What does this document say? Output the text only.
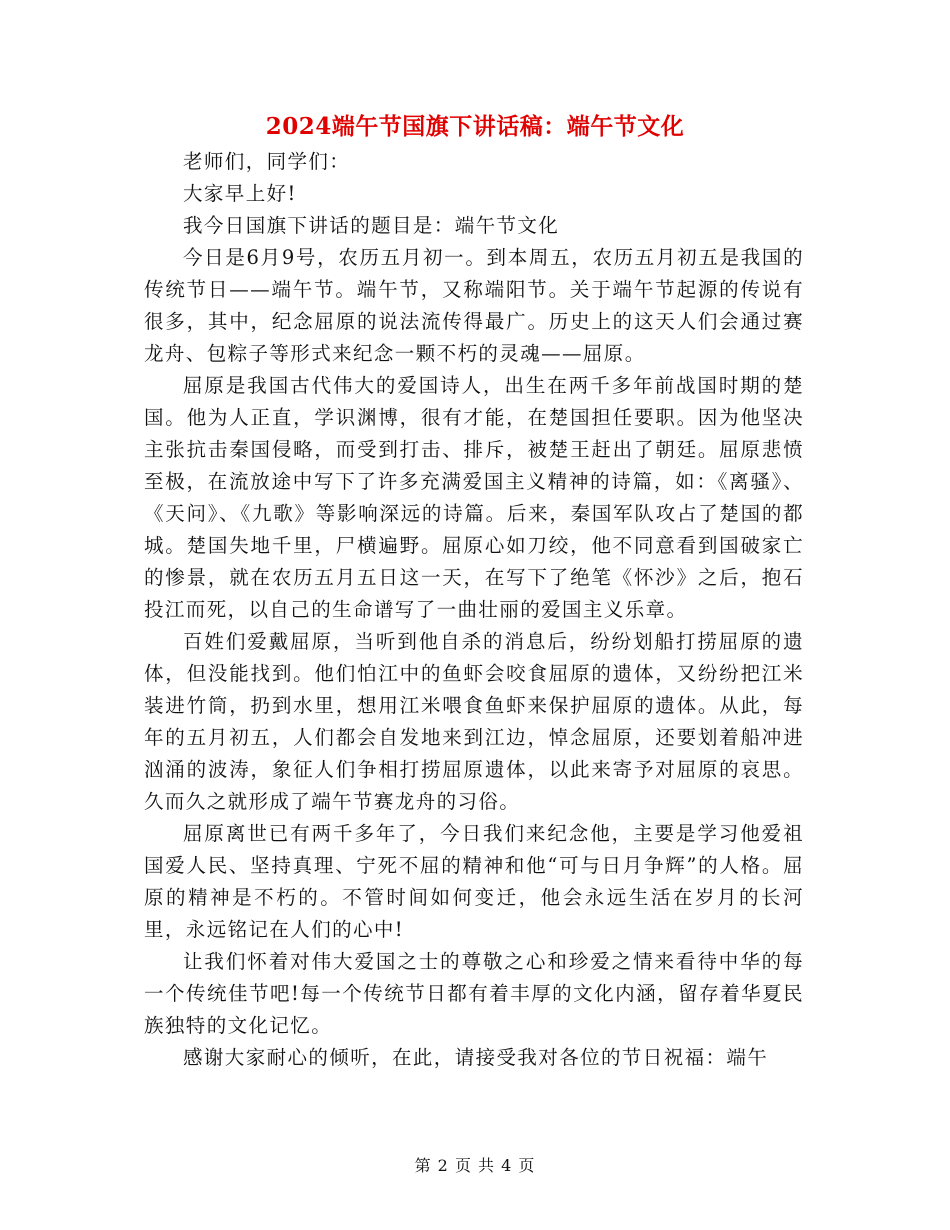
2024端午节国旗下讲话稿：端午节文化

老师们，同学们：

大家早上好!

我今日国旗下讲话的题目是：端午节文化

今日是6月9号，农历五月初一。到本周五，农历五月初五是我国的传统节日——端午节。端午节，又称端阳节。关于端午节起源的传说有很多，其中，纪念屈原的说法流传得最广。历史上的这天人们会通过赛龙舟、包粽子等形式来纪念一颗不朽的灵魂——屈原。

屈原是我国古代伟大的爱国诗人，出生在两千多年前战国时期的楚国。他为人正直，学识渊博，很有才能，在楚国担任要职。因为他坚决主张抗击秦国侵略，而受到打击、排斥，被楚王赶出了朝廷。屈原悲愤至极，在流放途中写下了许多充满爱国主义精神的诗篇，如：《离骚》、《天问》、《九歌》等影响深远的诗篇。后来，秦国军队攻占了楚国的都城。楚国失地千里，尸横遍野。屈原心如刀绞，他不同意看到国破家亡的惨景，就在农历五月五日这一天，在写下了绝笔《怀沙》之后，抱石投江而死，以自己的生命谱写了一曲壮丽的爱国主义乐章。

百姓们爱戴屈原，当听到他自杀的消息后，纷纷划船打捞屈原的遗体，但没能找到。他们怕江中的鱼虾会咬食屈原的遗体，又纷纷把江米装进竹筒，扔到水里，想用江米喂食鱼虾来保护屈原的遗体。从此，每年的五月初五，人们都会自发地来到江边，悼念屈原，还要划着船冲进汹涌的波涛，象征人们争相打捞屈原遗体，以此来寄予对屈原的哀思。久而久之就形成了端午节赛龙舟的习俗。

屈原离世已有两千多年了，今日我们来纪念他，主要是学习他爱祖国爱人民、坚持真理、宁死不屈的精神和他“可与日月争辉”的人格。屈原的精神是不朽的。不管时间如何变迁，他会永远生活在岁月的长河里，永远铭记在人们的心中!

让我们怀着对伟大爱国之士的尊敬之心和珍爱之情来看待中华的每一个传统佳节吧!每一个传统节日都有着丰厚的文化内涵，留存着华夏民族独特的文化记忆。

感谢大家耐心的倾听，在此，请接受我对各位的节日祝福：端午

第 2 页 共 4 页
